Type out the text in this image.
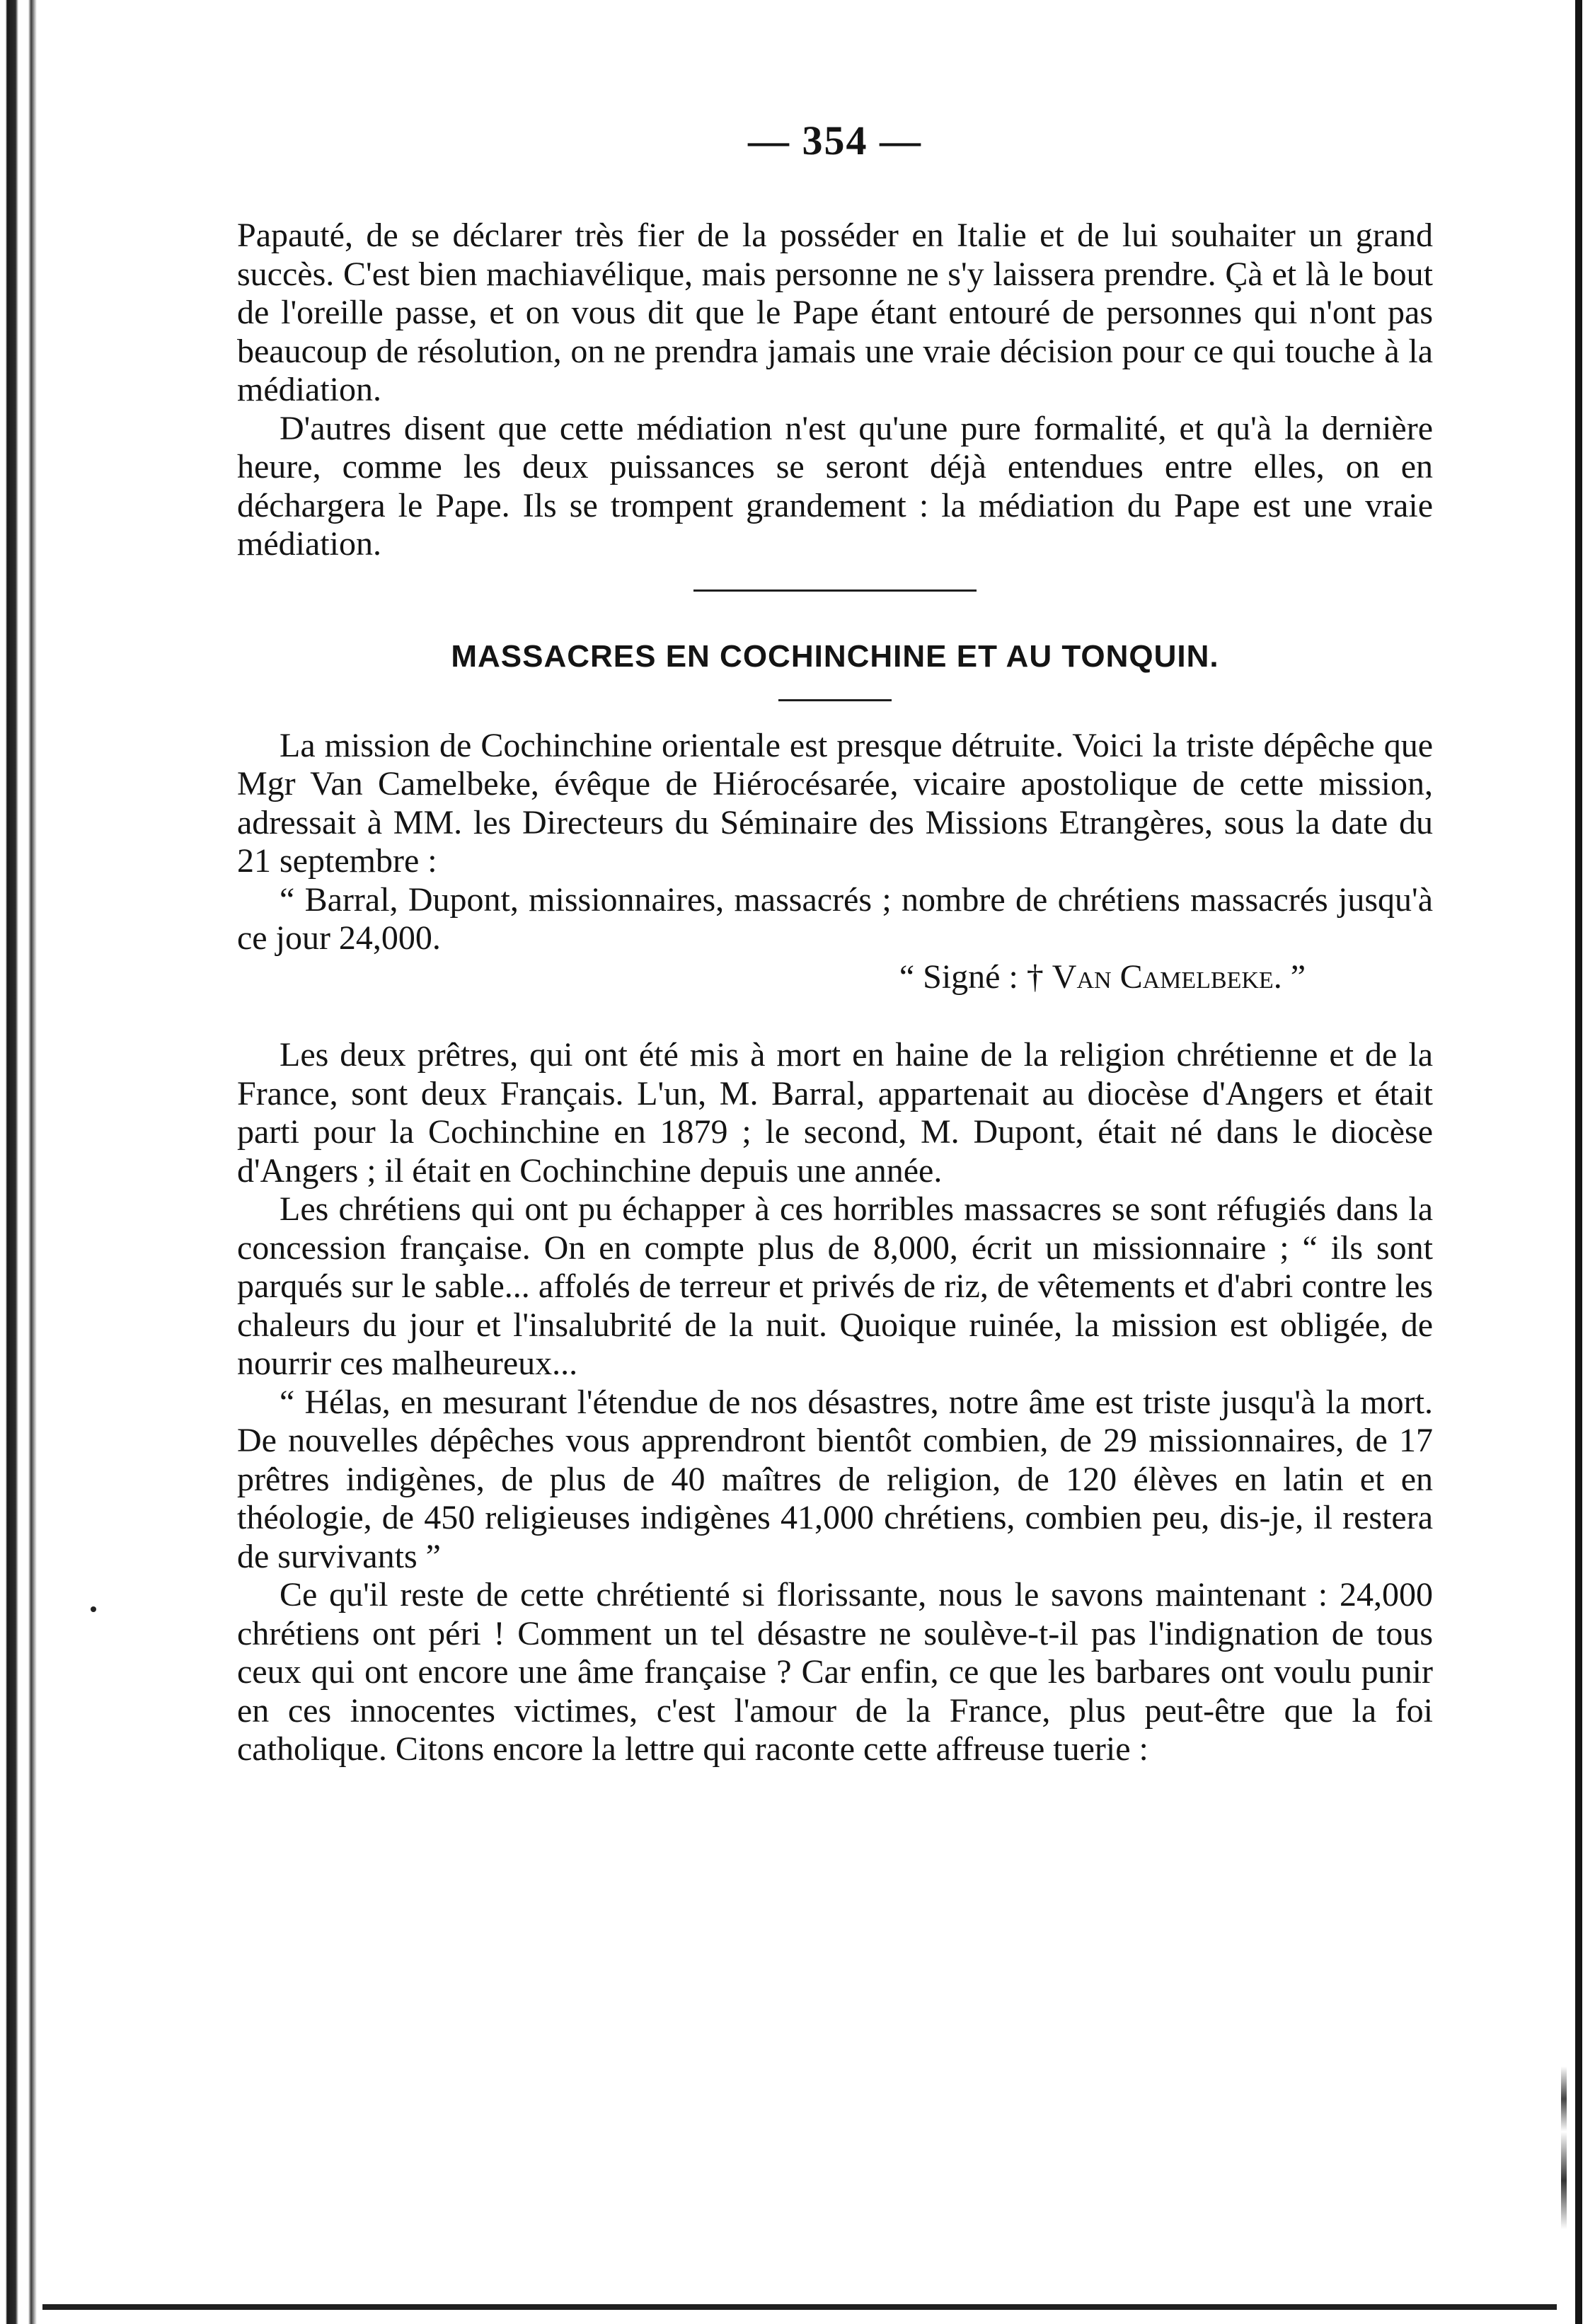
— 354 —

Papauté, de se déclarer très fier de la posséder en Italie et de lui souhaiter un grand succès. C'est bien machiavélique, mais personne ne s'y laissera prendre. Çà et là le bout de l'oreille passe, et on vous dit que le Pape étant entouré de personnes qui n'ont pas beaucoup de résolution, on ne prendra jamais une vraie décision pour ce qui touche à la médiation.

D'autres disent que cette médiation n'est qu'une pure formalité, et qu'à la dernière heure, comme les deux puissances se seront déjà entendues entre elles, on en déchargera le Pape. Ils se trompent grandement : la médiation du Pape est une vraie médiation.

MASSACRES EN COCHINCHINE ET AU TONQUIN.

La mission de Cochinchine orientale est presque détruite. Voici la triste dépêche que Mgr Van Camelbeke, évêque de Hiérocésarée, vicaire apostolique de cette mission, adressait à MM. les Directeurs du Séminaire des Missions Etrangères, sous la date du 21 septembre :

“ Barral, Dupont, missionnaires, massacrés ; nombre de chrétiens massacrés jusqu'à ce jour 24,000.

“ Signé : † Van Camelbeke. ”

Les deux prêtres, qui ont été mis à mort en haine de la religion chrétienne et de la France, sont deux Français. L'un, M. Barral, appartenait au diocèse d'Angers et était parti pour la Cochinchine en 1879 ; le second, M. Dupont, était né dans le diocèse d'Angers ; il était en Cochinchine depuis une année.

Les chrétiens qui ont pu échapper à ces horribles massacres se sont réfugiés dans la concession française. On en compte plus de 8,000, écrit un missionnaire ; “ ils sont parqués sur le sable... affolés de terreur et privés de riz, de vêtements et d'abri contre les chaleurs du jour et l'insalubrité de la nuit. Quoique ruinée, la mission est obligée, de nourrir ces malheureux...

“ Hélas, en mesurant l'étendue de nos désastres, notre âme est triste jusqu'à la mort. De nouvelles dépêches vous apprendront bientôt combien, de 29 missionnaires, de 17 prêtres indigènes, de plus de 40 maîtres de religion, de 120 élèves en latin et en théologie, de 450 religieuses indigènes 41,000 chrétiens, combien peu, dis-je, il restera de survivants ”

Ce qu'il reste de cette chrétienté si florissante, nous le savons maintenant : 24,000 chrétiens ont péri ! Comment un tel désastre ne soulève-t-il pas l'indignation de tous ceux qui ont encore une âme française ? Car enfin, ce que les barbares ont voulu punir en ces innocentes victimes, c'est l'amour de la France, plus peut-être que la foi catholique. Citons encore la lettre qui raconte cette affreuse tuerie :
